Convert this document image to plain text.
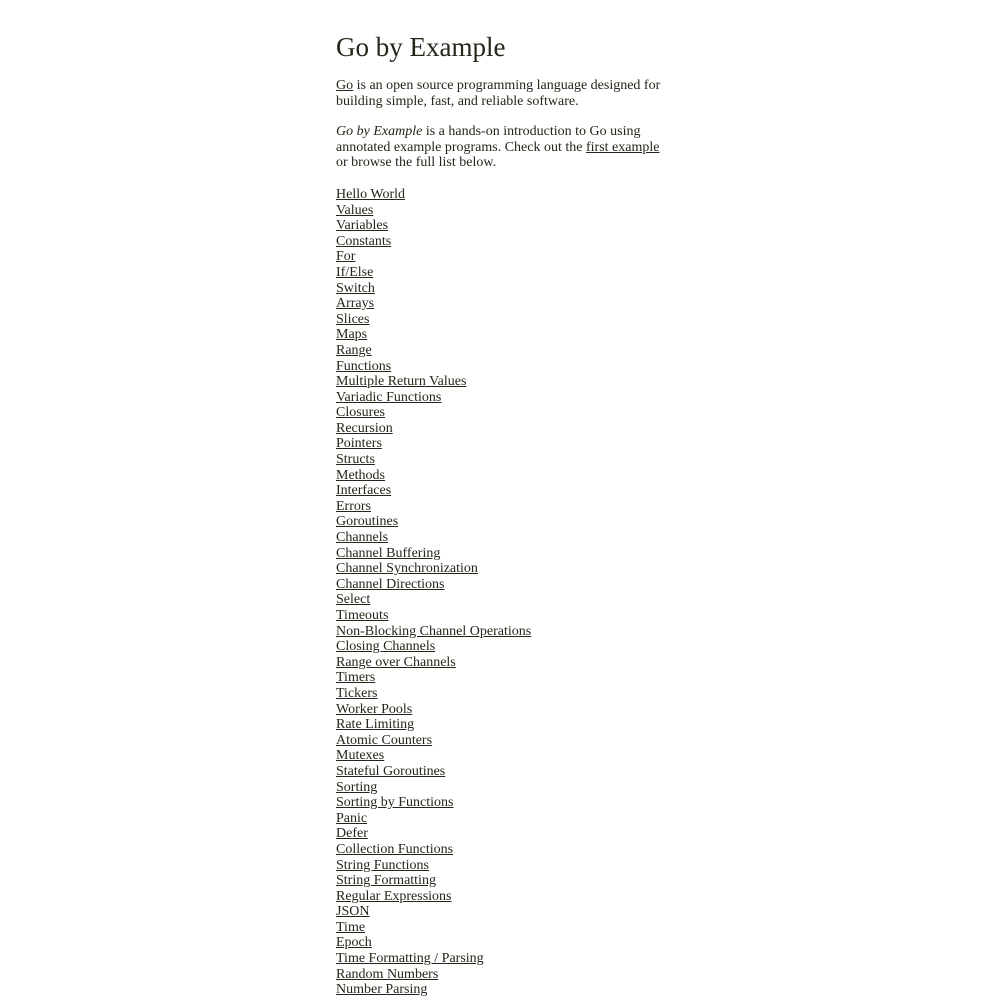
Go by Example

Go is an open source programming language designed for building simple, fast, and reliable software.

Go by Example is a hands-on introduction to Go using annotated example programs. Check out the first example or browse the full list below.

Hello World
Values
Variables
Constants
For
If/Else
Switch
Arrays
Slices
Maps
Range
Functions
Multiple Return Values
Variadic Functions
Closures
Recursion
Pointers
Structs
Methods
Interfaces
Errors
Goroutines
Channels
Channel Buffering
Channel Synchronization
Channel Directions
Select
Timeouts
Non-Blocking Channel Operations
Closing Channels
Range over Channels
Timers
Tickers
Worker Pools
Rate Limiting
Atomic Counters
Mutexes
Stateful Goroutines
Sorting
Sorting by Functions
Panic
Defer
Collection Functions
String Functions
String Formatting
Regular Expressions
JSON
Time
Epoch
Time Formatting / Parsing
Random Numbers
Number Parsing
